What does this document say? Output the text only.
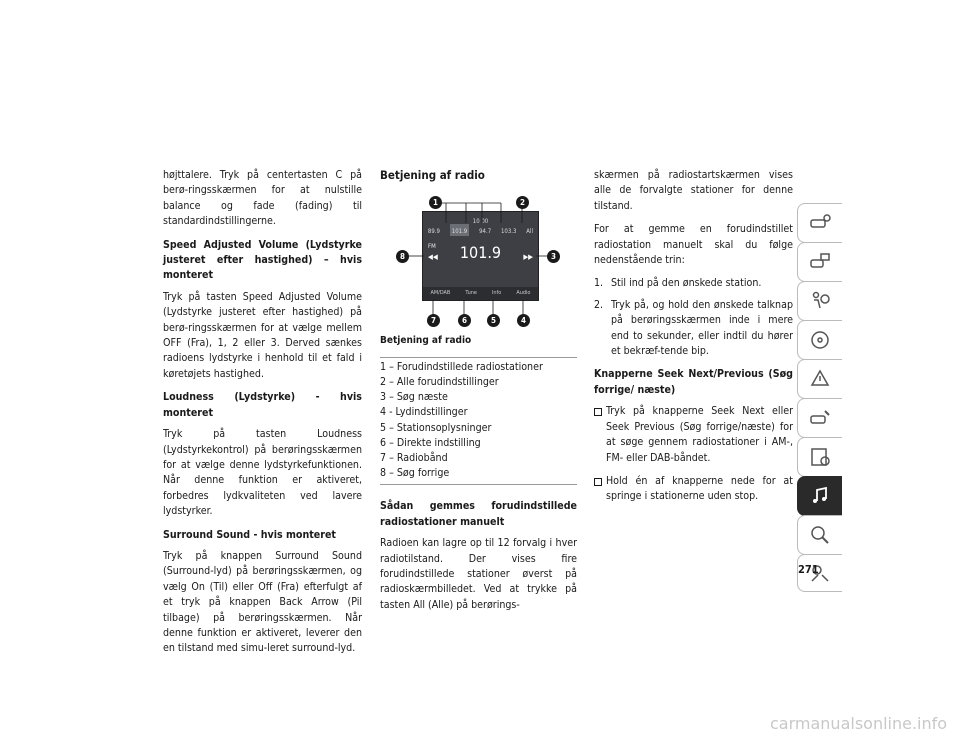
højttalere. Tryk på centertasten C på berø-ringsskærmen for at nulstille balance og fade (fading) til standardindstillingerne.

Speed Adjusted Volume (Lydstyrke justeret efter hastighed) – hvis monteret

Tryk på tasten Speed Adjusted Volume (Lydstyrke justeret efter hastighed) på berø-ringsskærmen for at vælge mellem OFF (Fra), 1, 2 eller 3. Derved sænkes radioens lydstyrke i henhold til et fald i køretøjets hastighed.

Loudness (Lydstyrke) - hvis monteret

Tryk på tasten Loudness (Lydstyrkekontrol) på berøringsskærmen for at vælge denne lydstyrkefunktionen. Når denne funktion er aktiveret, forbedres lydkvaliteten ved lavere lydstyrker.

Surround Sound - hvis monteret

Tryk på knappen Surround Sound (Surround-lyd) på berøringsskærmen, og vælg On (Til) eller Off (Fra) efterfulgt af et tryk på knappen Back Arrow (Pil tilbage) på berøringsskærmen. Når denne funktion er aktiveret, leverer den en tilstand med simu-leret surround-lyd.

Betjening af radio

10 00
89.9	101.9	94.7 103.3 All
FM
◀◀	101.9	▶▶
AM/DAB	Tune	Info	Audio
1	2
3
4
5
6
7
8

Betjening af radio

1 – Forudindstillede radiostationer
2 – Alle forudindstillinger
3 – Søg næste
4 - Lydindstillinger
5 – Stationsoplysninger
6 – Direkte indstilling
7 – Radiobånd
8 – Søg forrige

Sådan gemmes forudindstillede radiostationer manuelt

Radioen kan lagre op til 12 forvalg i hver radiotilstand. Der vises fire forudindstillede stationer øverst på radioskærmbilledet. Ved at trykke på tasten All (Alle) på berørings-

skærmen på radiostartskærmen vises alle de forvalgte stationer for denne tilstand.

For at gemme en forudindstillet radiostation manuelt skal du følge nedenstående trin:

1. Stil ind på den ønskede station.
2. Tryk på, og hold den ønskede talknap på berøringsskærmen inde i mere end to sekunder, eller indtil du hører et bekræf-tende bip.

Knapperne Seek Next/Previous (Søg forrige/ næste)

Tryk på knapperne Seek Next eller Seek Previous (Søg forrige/næste) for at søge gennem radiostationer i AM-, FM- eller DAB-båndet.
Hold én af knapperne nede for at springe i stationerne uden stop.
271
carmanualsonline.info
